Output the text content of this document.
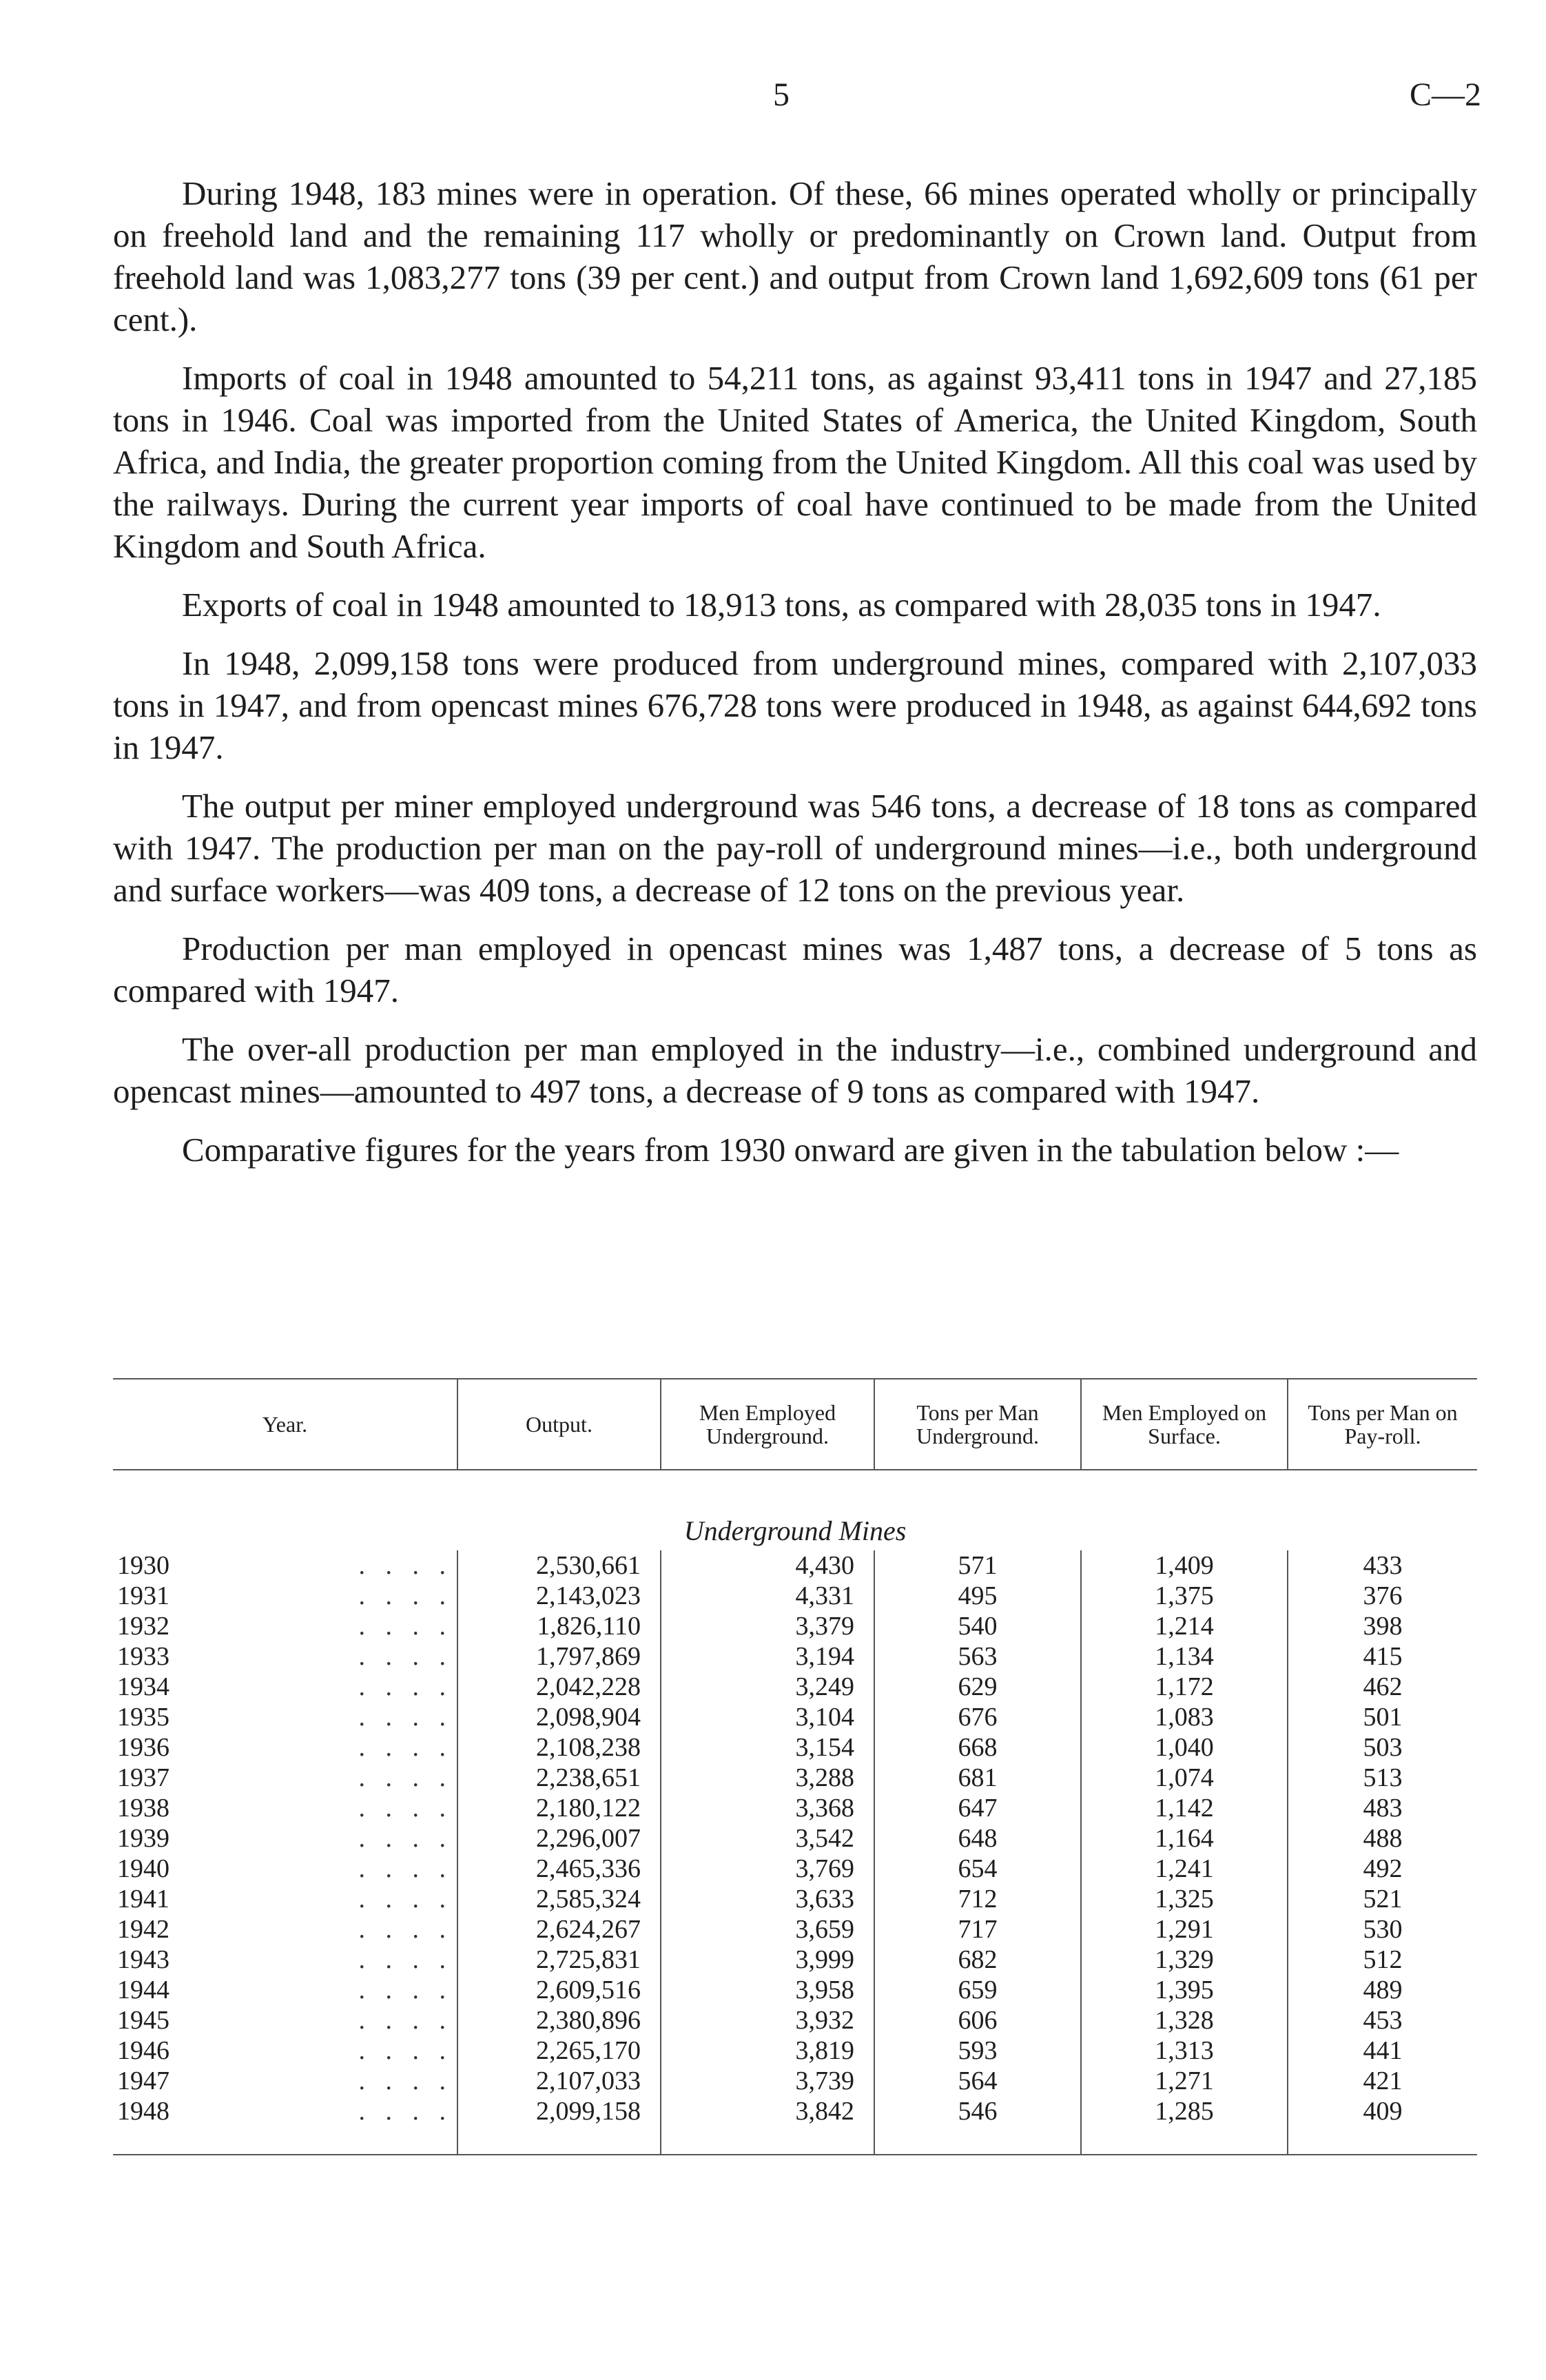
5	C—2

During 1948, 183 mines were in operation. Of these, 66 mines operated wholly or principally on freehold land and the remaining 117 wholly or predominantly on Crown land. Output from freehold land was 1,083,277 tons (39 per cent.) and output from Crown land 1,692,609 tons (61 per cent.).

Imports of coal in 1948 amounted to 54,211 tons, as against 93,411 tons in 1947 and 27,185 tons in 1946. Coal was imported from the United States of America, the United Kingdom, South Africa, and India, the greater proportion coming from the United Kingdom. All this coal was used by the railways. During the current year imports of coal have continued to be made from the United Kingdom and South Africa.

Exports of coal in 1948 amounted to 18,913 tons, as compared with 28,035 tons in 1947.

In 1948, 2,099,158 tons were produced from underground mines, compared with 2,107,033 tons in 1947, and from opencast mines 676,728 tons were produced in 1948, as against 644,692 tons in 1947.

The output per miner employed underground was 546 tons, a decrease of 18 tons as compared with 1947. The production per man on the pay-roll of underground mines—i.e., both underground and surface workers—was 409 tons, a decrease of 12 tons on the previous year.

Production per man employed in opencast mines was 1,487 tons, a decrease of 5 tons as compared with 1947.

The over-all production per man employed in the industry—i.e., combined underground and opencast mines—amounted to 497 tons, a decrease of 9 tons as compared with 1947.

Comparative figures for the years from 1930 onward are given in the tabulation below :—

Year.	Output.	Men Employed Underground.	Tons per Man Underground.	Men Employed on Surface.	Tons per Man on Pay-roll.
Underground Mines					
1930 . . . .	2,530,661	4,430	571	1,409	433
1931 . . . .	2,143,023	4,331	495	1,375	376
1932 . . . .	1,826,110	3,379	540	1,214	398
1933 . . . .	1,797,869	3,194	563	1,134	415
1934 . . . .	2,042,228	3,249	629	1,172	462
1935 . . . .	2,098,904	3,104	676	1,083	501
1936 . . . .	2,108,238	3,154	668	1,040	503
1937 . . . .	2,238,651	3,288	681	1,074	513
1938 . . . .	2,180,122	3,368	647	1,142	483
1939 . . . .	2,296,007	3,542	648	1,164	488
1940 . . . .	2,465,336	3,769	654	1,241	492
1941 . . . .	2,585,324	3,633	712	1,325	521
1942 . . . .	2,624,267	3,659	717	1,291	530
1943 . . . .	2,725,831	3,999	682	1,329	512
1944 . . . .	2,609,516	3,958	659	1,395	489
1945 . . . .	2,380,896	3,932	606	1,328	453
1946 . . . .	2,265,170	3,819	593	1,313	441
1947 . . . .	2,107,033	3,739	564	1,271	421
1948 . . . .	2,099,158	3,842	546	1,285	409
